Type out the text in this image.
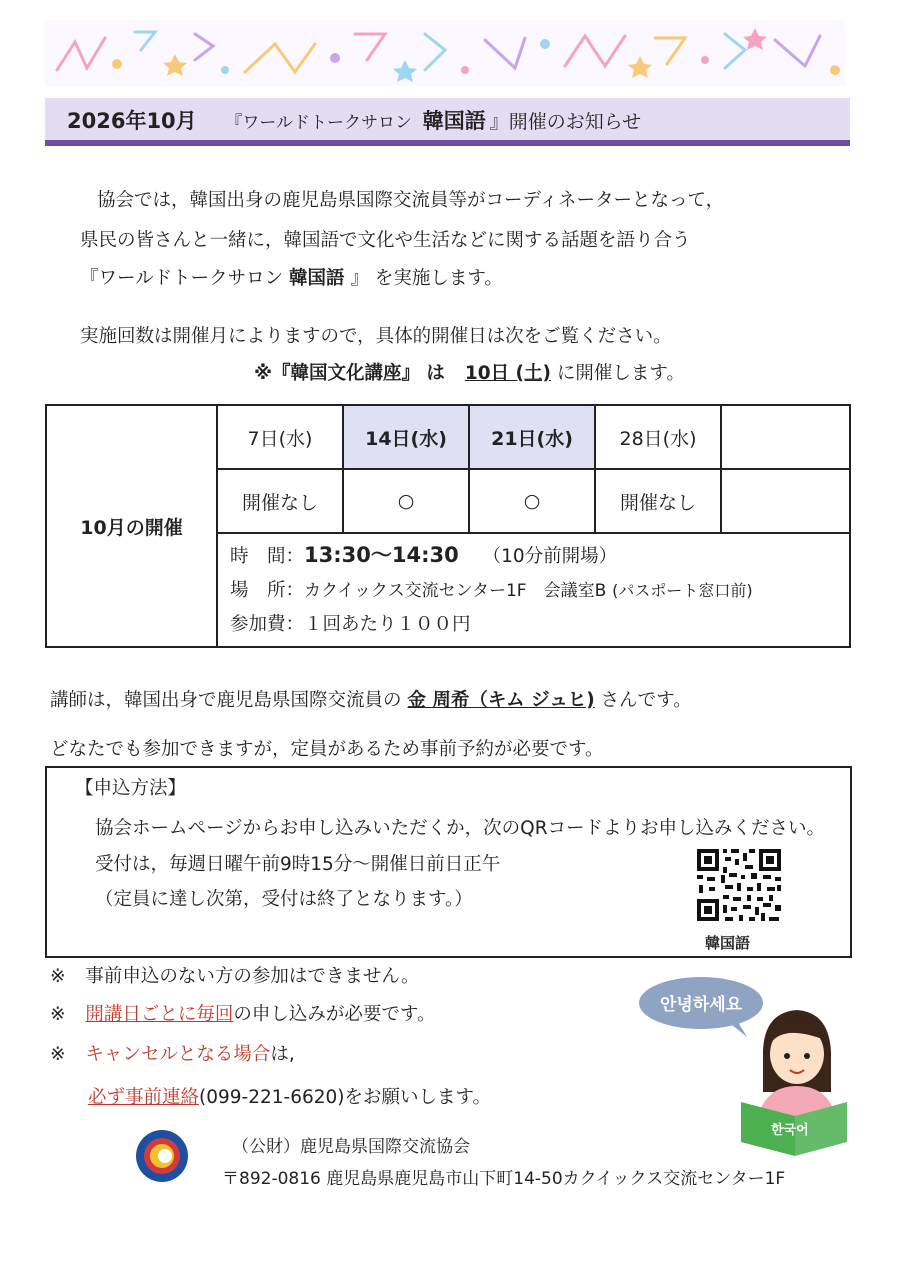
2026年10月 『ワールドトークサロン 韓国語 』開催のお知らせ
協会では，韓国出身の鹿児島県国際交流員等がコーディネーターとなって，
県民の皆さんと一緒に，韓国語で文化や生活などに関する話題を語り合う
『ワールドトークサロン 韓国語 』 を実施します。
実施回数は開催月によりますので，具体的開催日は次をご覧ください。
※『韓国文化講座』 は 10日 (土) に開催します。
10月の開催	7日(水)	14日(水)	21日(水)	28日(水)	
	開催なし	○	○	開催なし	

	時　間：13:30～14:30 （10分前開場）
場　所：カクイックス交流センター1F　会議室B (パスポート窓口前)
参加費：１回あたり１００円				
講師は，韓国出身で鹿児島県国際交流員の 金 周希（キム ジュヒ) さんです。
どなたでも参加できますが，定員があるため事前予約が必要です。
【申込方法】
協会ホームページからお申し込みいただくか，次のQRコードよりお申し込みください。
受付は，毎週日曜午前9時15分～開催日前日正午
（定員に達し次第，受付は終了となります。）
韓国語
※ 事前申込のない方の参加はできません。
※ 開講日ごとに毎回の申し込みが必要です。
※ キャンセルとなる場合は,
必ず事前連絡(099-221-6620)をお願いします。
안녕하세요
한국어
（公財）鹿児島県国際交流協会
〒892-0816 鹿児島県鹿児島市山下町14-50カクイックス交流センター1F
